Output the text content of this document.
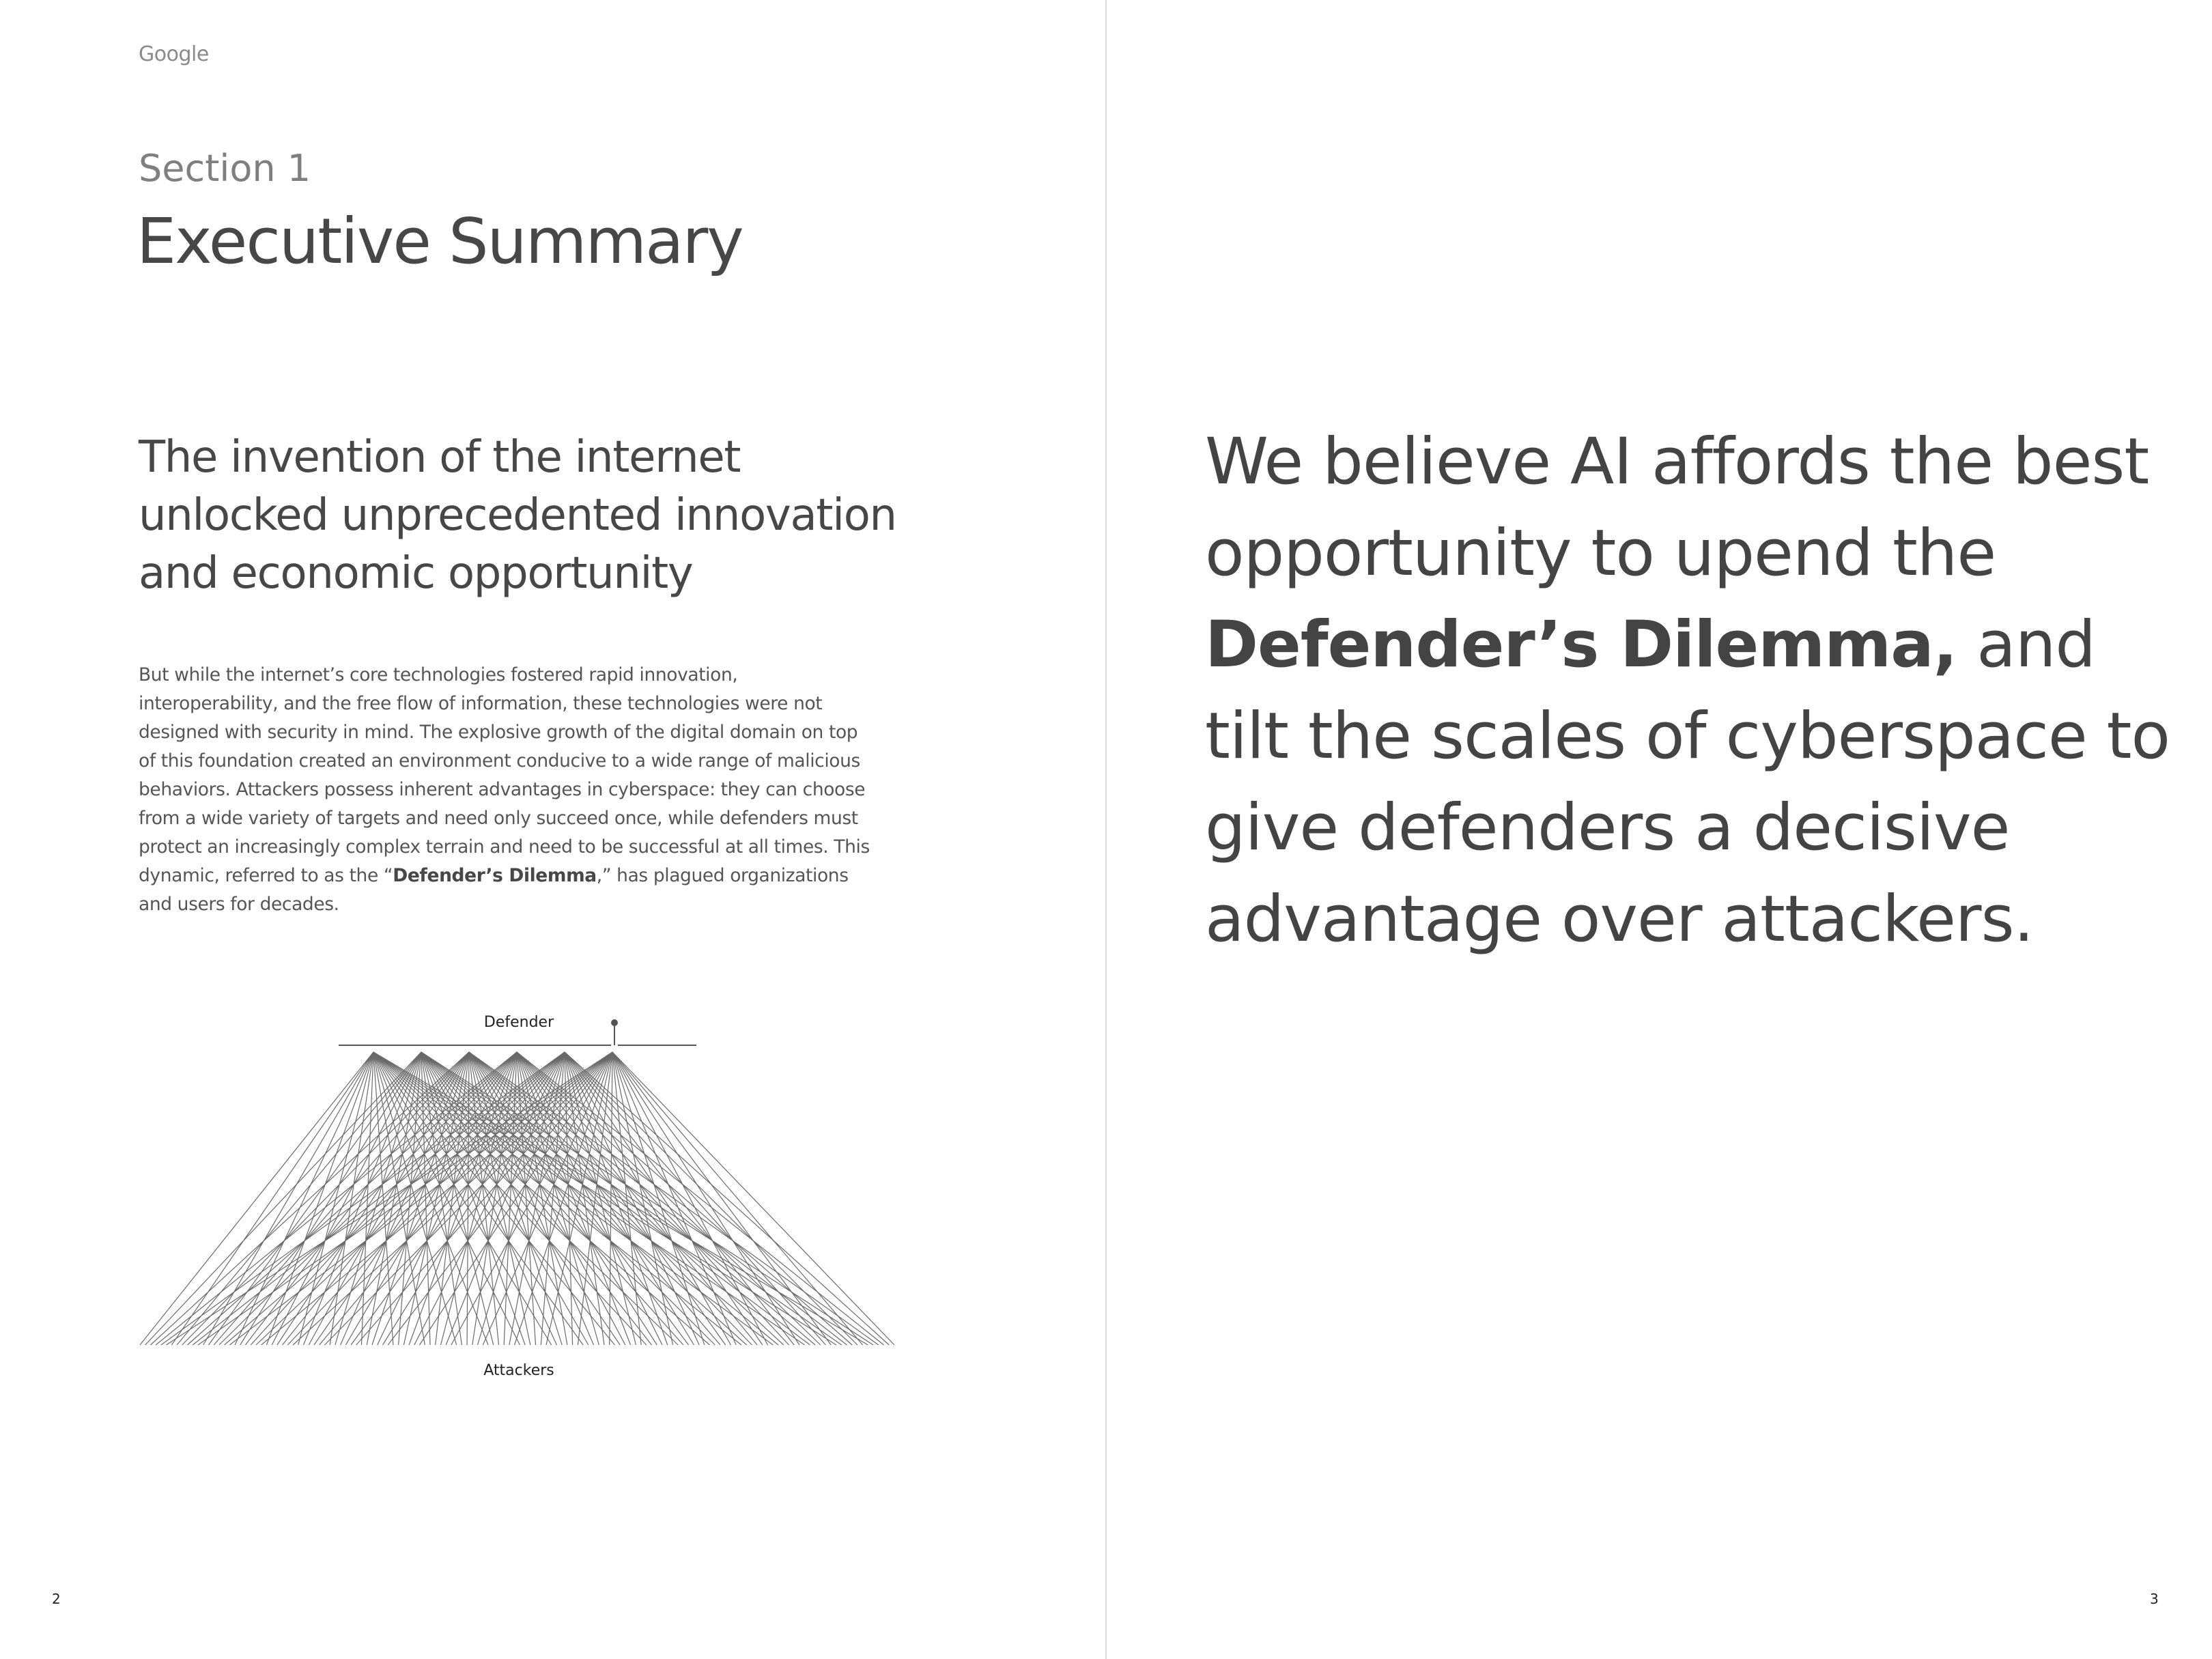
Google
Section 1
Executive Summary
The invention of the internet
unlocked unprecedented innovation
and economic opportunity

But while the internet’s core technologies fostered rapid innovation, interoperability, and the free flow of information, these technologies were not designed with security in mind. The explosive growth of the digital domain on top of this foundation created an environment conducive to a wide range of malicious behaviors. Attackers possess inherent advantages in cyberspace: they can choose from a wide variety of targets and need only succeed once, while defenders must protect an increasingly complex terrain and need to be successful at all times. This dynamic, referred to as the “Defender’s Dilemma,” has plagued organizations and users for decades.

Defender
Attackers
2

We believe AI affords the best opportunity to upend the Defender’s Dilemma, and tilt the scales of cyberspace to give defenders a decisive advantage over attackers.

3
